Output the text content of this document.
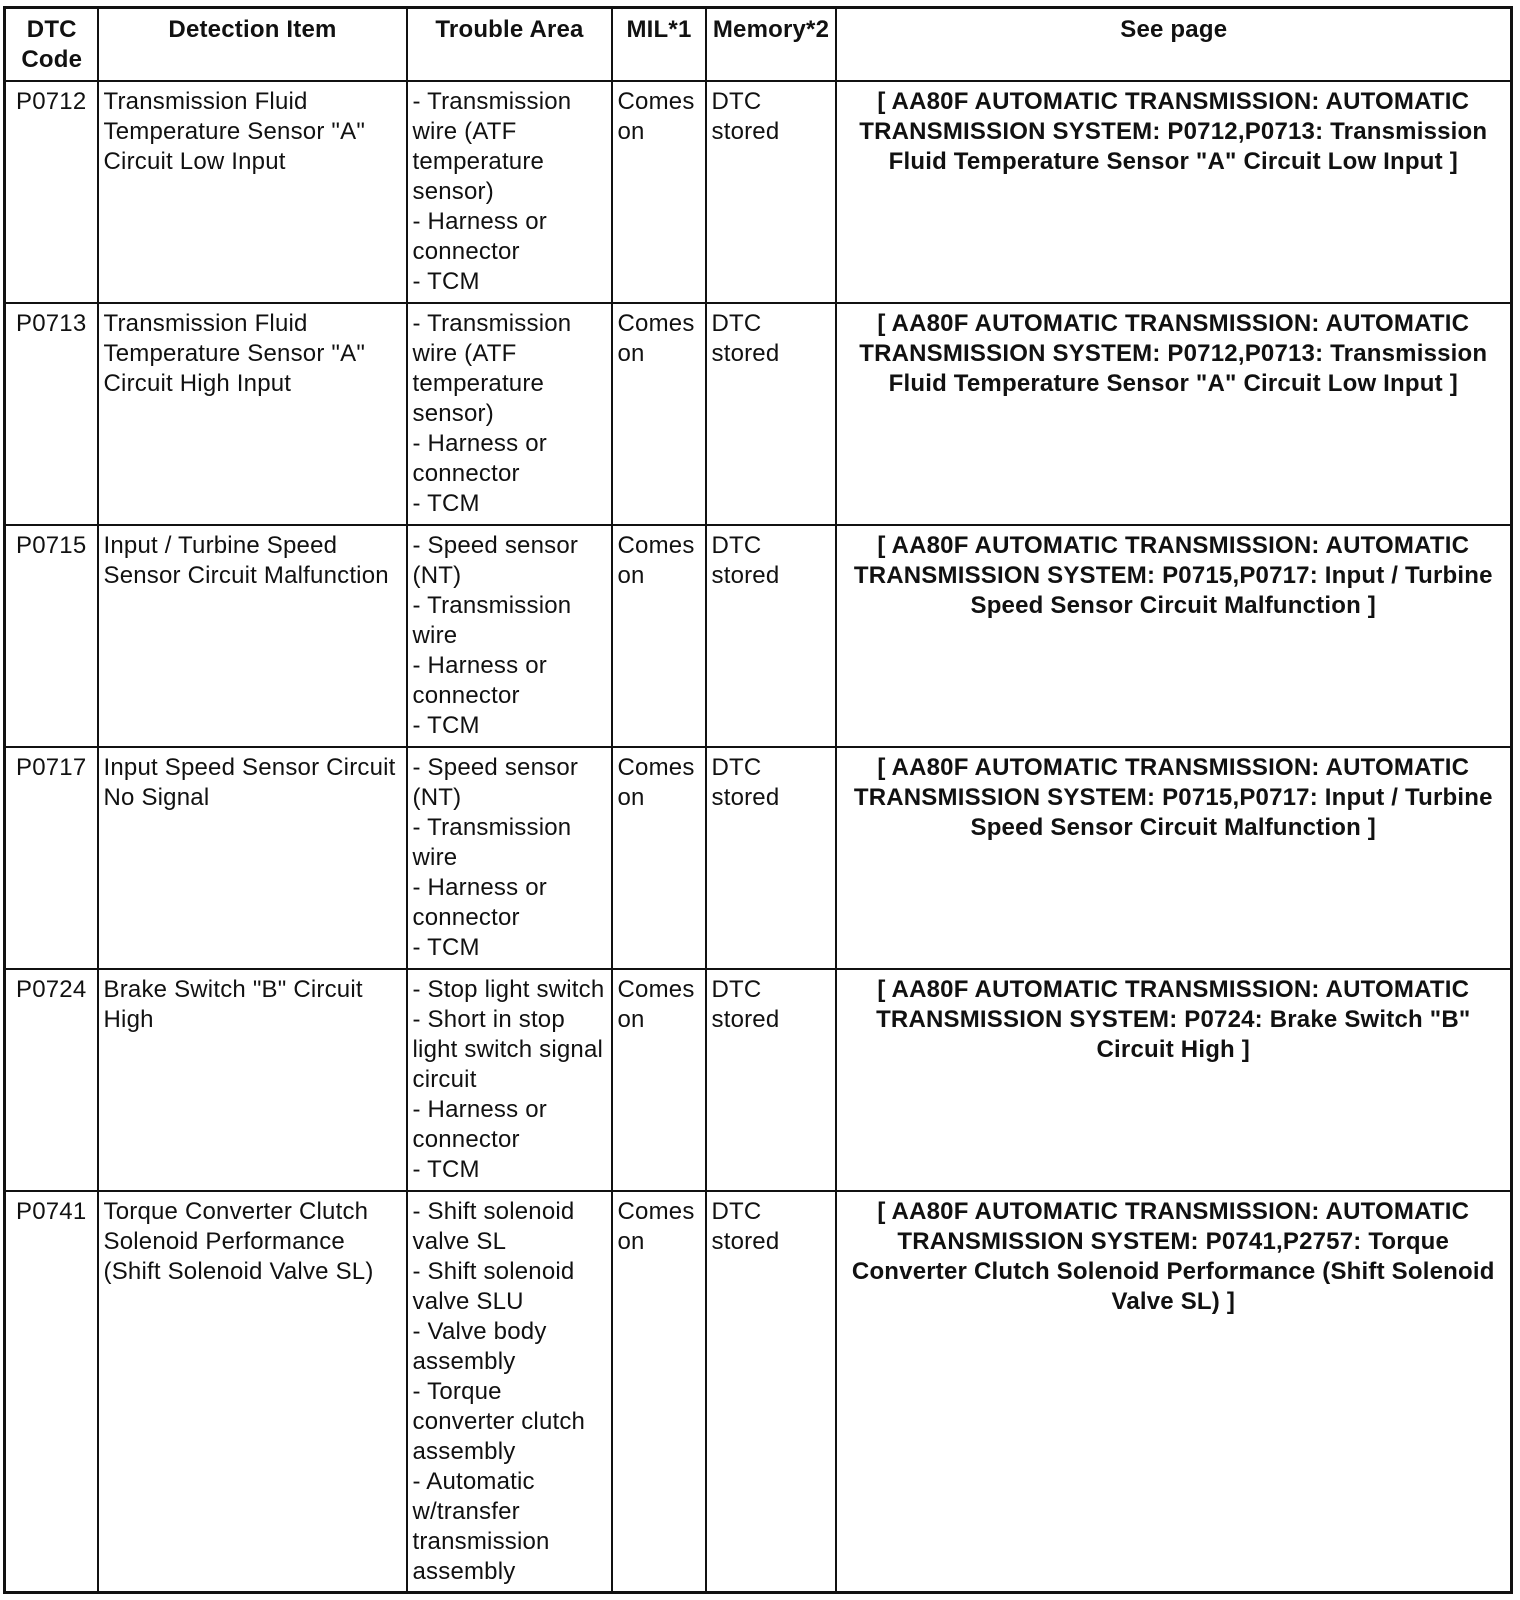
DTC
Code	Detection Item	Trouble Area	MIL*1	Memory*2	See page
P0712	Transmission Fluid Temperature Sensor "A" Circuit Low Input	- Transmission wire (ATF temperature sensor)
- Harness or connector
- TCM	Comes on	DTC stored	[ AA80F AUTOMATIC TRANSMISSION: AUTOMATIC TRANSMISSION SYSTEM: P0712,P0713: Transmission Fluid Temperature Sensor "A" Circuit Low Input ]
P0713	Transmission Fluid Temperature Sensor "A" Circuit High Input	- Transmission wire (ATF temperature sensor)
- Harness or connector
- TCM	Comes on	DTC stored	[ AA80F AUTOMATIC TRANSMISSION: AUTOMATIC TRANSMISSION SYSTEM: P0712,P0713: Transmission Fluid Temperature Sensor "A" Circuit Low Input ]
P0715	Input / Turbine Speed Sensor Circuit Malfunction	- Speed sensor (NT)
- Transmission wire
- Harness or connector
- TCM	Comes on	DTC stored	[ AA80F AUTOMATIC TRANSMISSION: AUTOMATIC TRANSMISSION SYSTEM: P0715,P0717: Input / Turbine Speed Sensor Circuit Malfunction ]
P0717	Input Speed Sensor Circuit No Signal	- Speed sensor (NT)
- Transmission wire
- Harness or connector
- TCM	Comes on	DTC stored	[ AA80F AUTOMATIC TRANSMISSION: AUTOMATIC TRANSMISSION SYSTEM: P0715,P0717: Input / Turbine Speed Sensor Circuit Malfunction ]
P0724	Brake Switch "B" Circuit High	- Stop light switch
- Short in stop light switch signal circuit
- Harness or connector
- TCM	Comes on	DTC stored	[ AA80F AUTOMATIC TRANSMISSION: AUTOMATIC TRANSMISSION SYSTEM: P0724: Brake Switch "B" Circuit High ]
P0741	Torque Converter Clutch Solenoid Performance (Shift Solenoid Valve SL)	- Shift solenoid valve SL
- Shift solenoid valve SLU
- Valve body assembly
- Torque converter clutch assembly
- Automatic w/transfer transmission assembly	Comes on	DTC stored	[ AA80F AUTOMATIC TRANSMISSION: AUTOMATIC TRANSMISSION SYSTEM: P0741,P2757: Torque Converter Clutch Solenoid Performance (Shift Solenoid Valve SL) ]
